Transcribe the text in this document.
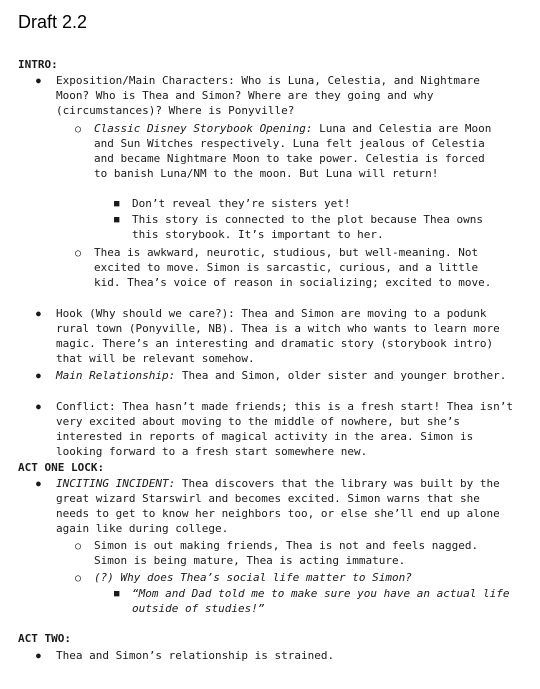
Draft 2.2
INTRO:
●
Exposition/Main Characters: Who is Luna, Celestia, and Nightmare Moon? Who is Thea and Simon? Where are they going and why (circumstances)? Where is Ponyville?
○
Classic Disney Storybook Opening: Luna and Celestia are Moon and Sun Witches respectively. Luna felt jealous of Celestia and became Nightmare Moon to take power. Celestia is forced to banish Luna/NM to the moon. But Luna will return!
■
Don’t reveal they’re sisters yet!
■
This story is connected to the plot because Thea owns this storybook. It’s important to her.
○
Thea is awkward, neurotic, studious, but well-meaning. Not excited to move. Simon is sarcastic, curious, and a little kid. Thea’s voice of reason in socializing; excited to move.
●
Hook (Why should we care?): Thea and Simon are moving to a podunk rural town (Ponyville, NB). Thea is a witch who wants to learn more magic. There’s an interesting and dramatic story (storybook intro) that will be relevant somehow.
●
Main Relationship: Thea and Simon, older sister and younger brother.
●
Conflict: Thea hasn’t made friends; this is a fresh start! Thea isn’t very excited about moving to the middle of nowhere, but she’s interested in reports of magical activity in the area. Simon is looking forward to a fresh start somewhere new.
ACT ONE LOCK:
●
INCITING INCIDENT: Thea discovers that the library was built by the great wizard Starswirl and becomes excited. Simon warns that she needs to get to know her neighbors too, or else she’ll end up alone again like during college.
○
Simon is out making friends, Thea is not and feels nagged. Simon is being mature, Thea is acting immature.
○
(?) Why does Thea’s social life matter to Simon?
■
“Mom and Dad told me to make sure you have an actual life outside of studies!”
ACT TWO:
●
Thea and Simon’s relationship is strained.
